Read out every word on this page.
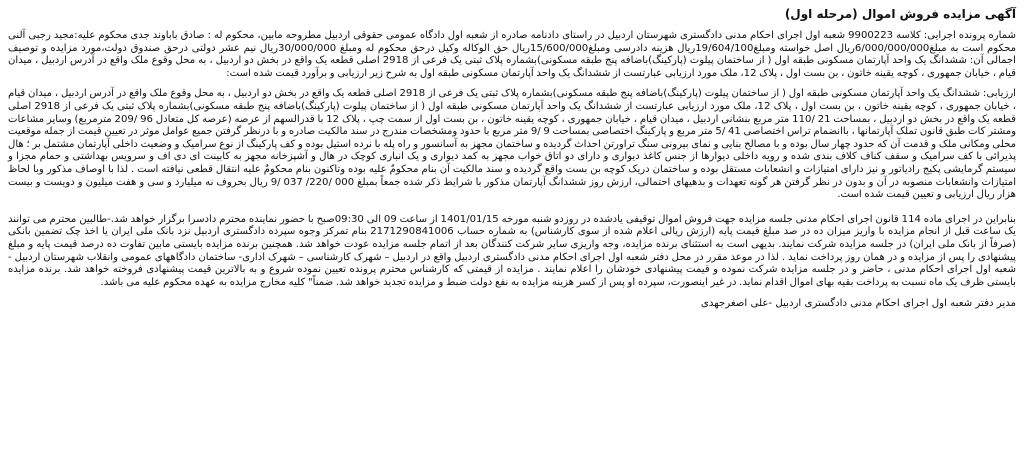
آگهی مزایده فروش اموال (مرحله اول)

شماره پرونده اجرایی: کلاسه 9900223 شعبه اول اجرای احکام مدنی دادگستری شهرستان اردبیل در راستای دادنامه صادره از شعبه اول دادگاه عمومی حقوقی اردبیل مطروحه مابین، محکوم له : صادق باباوند جدی محکوم علیه:مجید رجبی آلنی محکوم است به مبلغ6/000/000/000ریال اصل خواسته ومبلغ19/604/100ریال هزینه دادرسی ومبلغ15/600/000ریال حق الوکاله وکیل درحق محکوم له ومبلغ 30/000/000ریال نیم عشر دولتی درحق صندوق دولت،مورد مزایده و توصیف اجمالی آن: ششدانگ یک واحد آپارتمان مسکونی طبقه اول ( از ساختمان پیلوت (پارکینگ)باضافه پنج طبقه مسکونی)بشماره پلاک ثبتی یک فرعی از 2918 اصلی قطعه یک واقع در بخش دو اردبیل ، به محل وقوع ملک واقع در آدرس اردبیل ، میدان قیام ، خیابان جمهوری ، کوچه یقینه خاتون ، بن بست اول ، پلاک 12، ملک مورد ارزیابی عبارتست از ششدانگ یک واحد آپارتمان مسکونی طبقه اول به شرح زیر ارزیابی و برآورد قیمت شده است:

ارزیابی: ششدانگ یک واحد آپارتمان مسکونی طبقه اول ( از ساختمان پیلوت (پارکینگ)باضافه پنج طبقه مسکونی)بشماره پلاک ثبتی یک فرعی از 2918 اصلی قطعه یک واقع در بخش دو اردبیل ، به محل وقوع ملک واقع در آدرس اردبیل ، میدان قیام ، خیابان جمهوری ، کوچه یقینه خاتون ، بن بست اول ، پلاک 12، ملک مورد ارزیابی عبارتست از ششدانگ یک واحد آپارتمان مسکونی طبقه اول ( از ساختمان پیلوت (پارکینگ)باضافه پنج طبقه مسکونی)بشماره پلاک ثبتی یک فرعی از 2918 اصلی قطعه یک واقع در بخش دو اردبیل ، بمساحت 21 /110 متر مربع بنشانی اردبیل ، میدان قیام ، خیابان جمهوری ، کوچه یقینه خاتون ، بن بست اول از سمت چپ ، پلاک 12 با قدرالسهم از عرصه (عرصه کل متعادل 96 /209 مترمربع) وسایر مشاعات ومشتر کات طبق قانون تملک آپارتمانها ، باانضمام تراس اختصاصی 41 /5 متر مربع و پارکینگ اختصاصی بمساحت 9 /9 متر مربع با حدود ومشخصات مندرج در سند مالکیت صادره و با درنظر گرفتن جمیع عوامل موثر در تعیین قیمت از جمله موقعیت محلی ومکانی ملک و قدمت آن که حدود چهار سال بوده و با مصالح بنایی و نمای بیرونی سنگ تراورتن احداث گردیده و ساختمان مجهز به آسانسور و راه پله با نرده استیل بوده و کف پارکینگ از نوع سرامیک و وضعیت داخلی آپارتمان مشتمل بر ؛ هال پذیرائی با کف سرامیک و سقف کناف کلاف بندی شده و رویه داخلی دیوارها از جنس کاغذ دیواری و دارای دو اتاق خواب مجهز به کمد دیواری و یک انباری کوچک در هال و آشپزخانه مجهز به کابینت ای دی اف و سرویس بهداشتی و حمام مجزا و سیستم گرمایشی پکیج رادیاتور و نیز دارای امتیازات و انشعابات مستقل بوده و ساختمان دریک کوچه بن بست واقع گردیده و سند مالکیت آن بنام محکومٌ علیه بوده وتاکنون بنام محکومٌ علیه انتقال قطعی نیافته است . لذا با اوصاف مذکور وبا لحاظ امتیازات وانشعابات منصوبه در آن و بدون در نظر گرفتن هر گونه تعهدات و بدهیهای احتمالی، ارزش روز ششدانگ آپارتمان مذکور با شرایط ذکر شده جمعاً بمبلغ 000 /220/ 037 /9 ریال بحروف نه میلیارد و سی و هفت میلیون و دویست و بیست هزار ریال ارزیابی و تعیین قیمت شده است.

بنابراین در اجرای ماده 114 قانون اجرای احکام مدنی جلسه مزایده جهت فروش اموال توقیفی یادشده در روزدو شنبه مورخه 1401/01/15 از ساعت 09 الی 09:30صبح با حضور نماینده محترم دادسرا برگزار خواهد شد.-طالبین محترم می توانند یک ساعت قبل از انجام مزایده با واریز میزان ده در صد مبلغ قیمت پایه (ارزش ریالی اعلام شده از سوی کارشناس) به شماره حساب 2171290841006 بنام تمرکز وجوه سپرده دادگستری اردبیل نزد بانک ملی ایران یا اخذ چک تضمین بانکی (صرفاً از بانک ملی ایران) در جلسه مزایده شرکت نمایند. بدیهی است به استثنای برنده مزایده، وجه واریزی سایر شرکت کنندگان بعد از اتمام جلسه مزایده عودت خواهد شد. همچنین برنده مزایده بایستی مابین تفاوت ده درصد قیمت پایه و مبلغ پیشنهادی را پس از مزایده و در همان روز پرداخت نماید . لذا در موعد مقرر در محل دفتر شعبه اول اجرای احکام مدنی دادگستری اردبیل واقع در اردبیل – شهرک کارشناسی – شهرک اداری- ساختمان دادگاههای عمومی وانقلاب شهرستان اردبیل - شعبه اول اجرای احکام مدنی ، حاضر و در جلسه مزایده شرکت نموده و قیمت پیشنهادی خودشان را اعلام نمایند . مزایده از قیمتی که کارشناس محترم پرونده تعیین نموده شروع و به بالاترین قیمت پیشنهادی فروخته خواهد شد. برنده مزایده بایستی ظرف یک ماه نسبت به پرداخت بقیه بهای اموال اقدام نماید. در غیر اینصورت، سپرده او پس از کسر هزینه مزایده به نفع دولت ضبط و مزایده تجدید خواهد شد. ضمناً" کلیه مخارج مزایده به عهده محکوم علیه می باشد.

مدیر دفتر شعبه اول اجرای احکام مدنی دادگستری اردبیل -علی اصغرجهدی
